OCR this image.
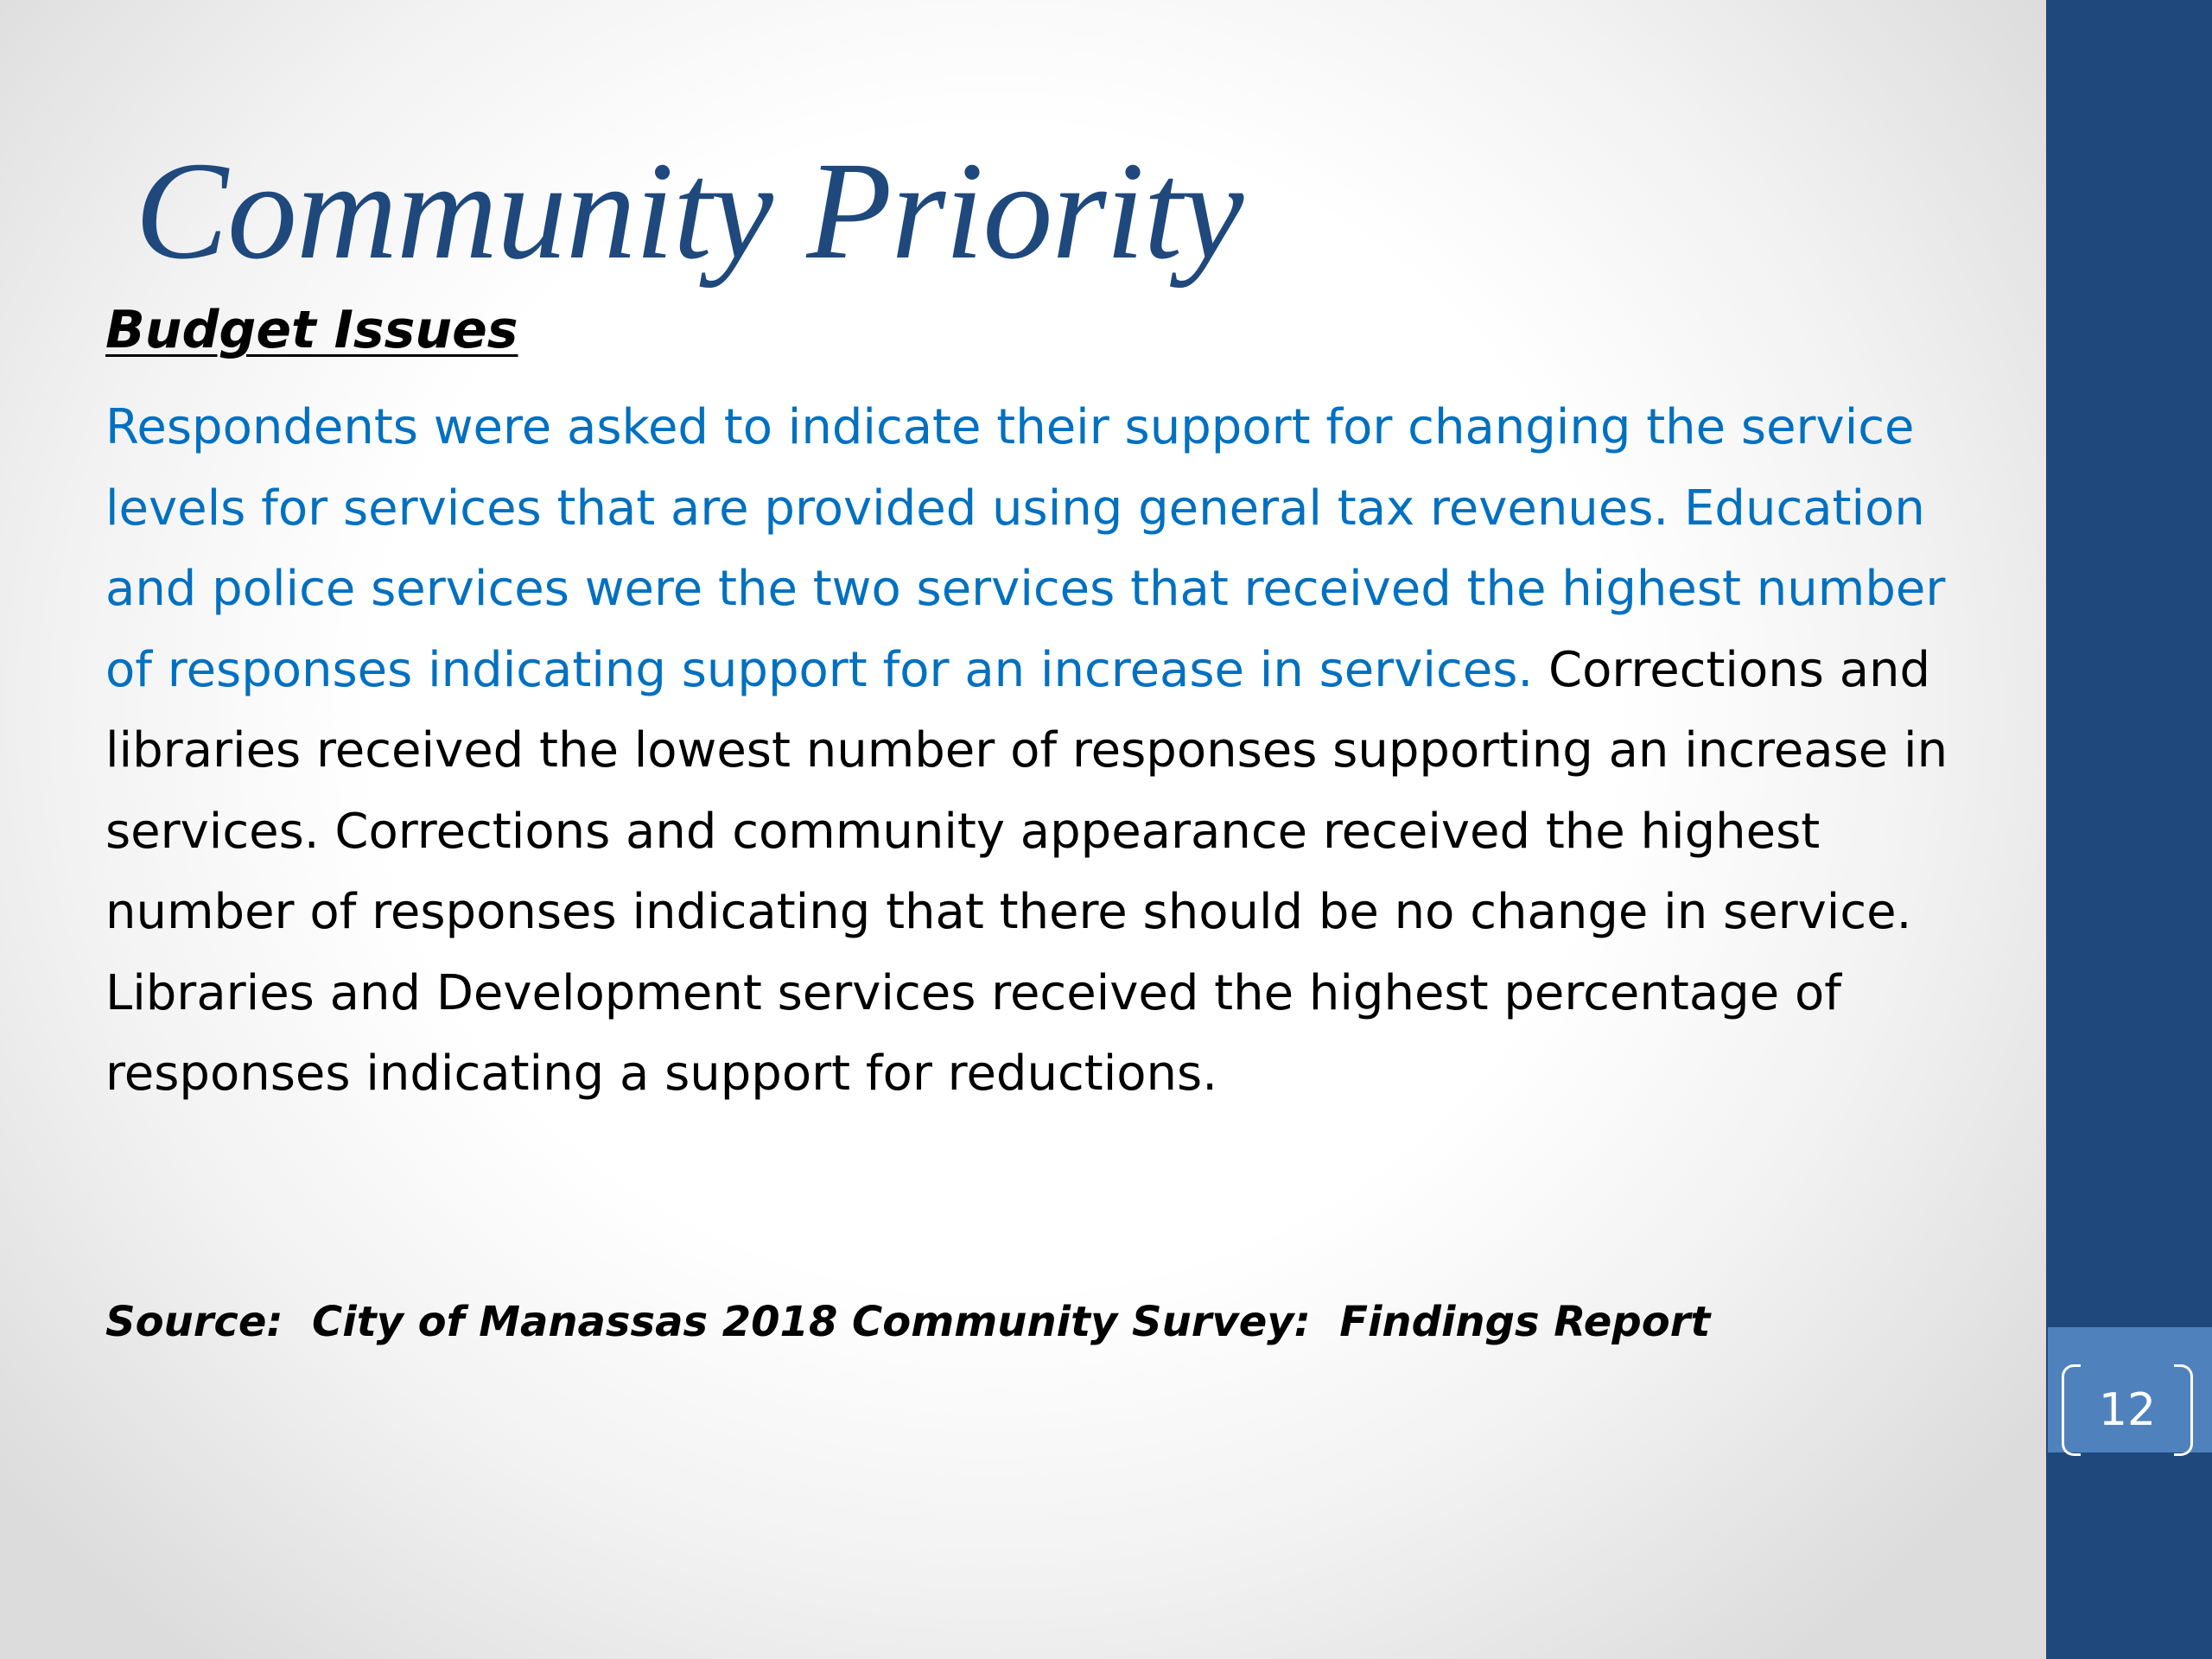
12
Community Priority
Budget Issues

Respondents were asked to indicate their support for changing the service levels for services that are provided using general tax revenues. Education and police services were the two services that received the highest number of responses indicating support for an increase in services. Corrections and libraries received the lowest number of responses supporting an increase in services. Corrections and community appearance received the highest number of responses indicating that there should be no change in service. Libraries and Development services received the highest percentage of responses indicating a support for reductions.

Source:  City of Manassas 2018 Community Survey:  Findings Report
